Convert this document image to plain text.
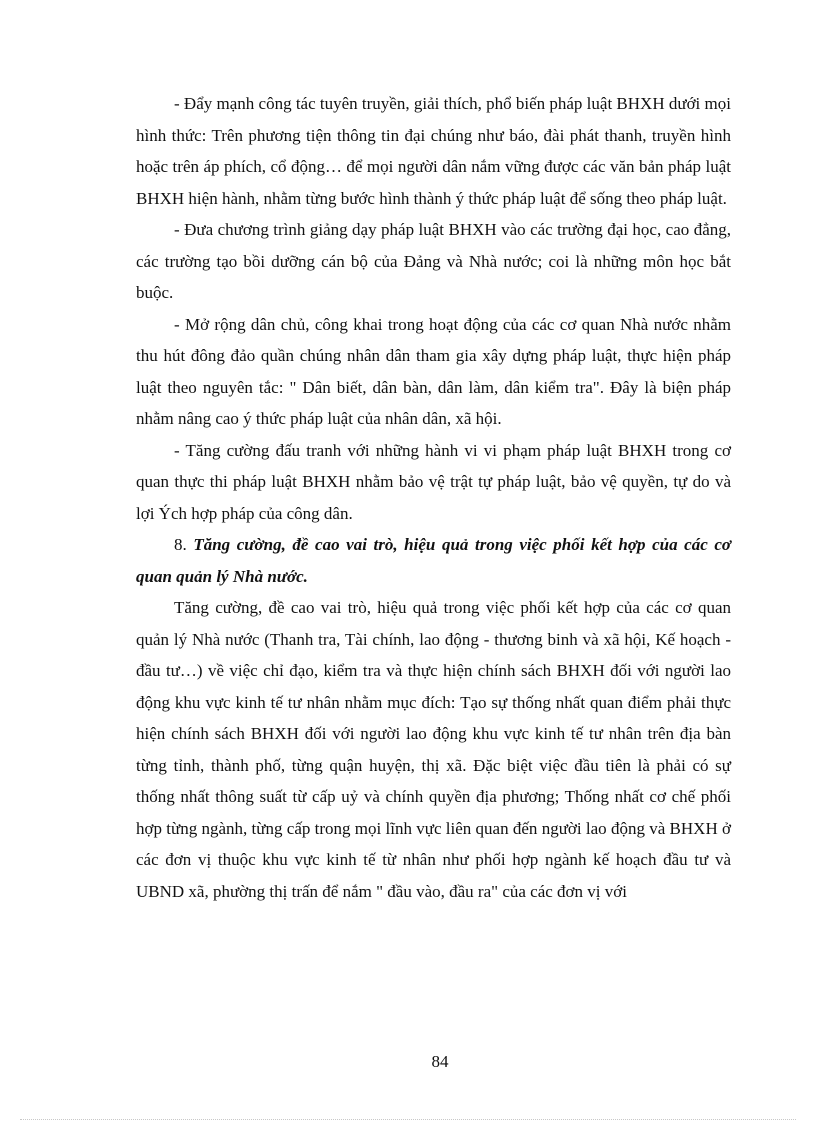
- Đẩy mạnh công tác tuyên truyền, giải thích, phổ biến pháp luật BHXH dưới mọi hình thức: Trên phương tiện thông tin đại chúng như báo, đài phát thanh, truyền hình hoặc trên áp phích, cổ động… để mọi người dân nắm vững được các văn bản pháp luật BHXH hiện hành, nhằm từng bước hình thành ý thức pháp luật để sống theo pháp luật.

- Đưa chương trình giảng dạy pháp luật BHXH vào các trường đại học, cao đẳng, các trường tạo bồi dưỡng cán bộ của Đảng và Nhà nước; coi là những môn học bắt buộc.

- Mở rộng dân chủ, công khai trong hoạt động của các cơ quan Nhà nước nhằm thu hút đông đảo quần chúng nhân dân tham gia xây dựng pháp luật, thực hiện pháp luật theo nguyên tắc: " Dân biết, dân bàn, dân làm, dân kiểm tra". Đây là biện pháp nhằm nâng cao ý thức pháp luật của nhân dân, xã hội.

- Tăng cường đấu tranh với những hành vi vi phạm pháp luật BHXH trong cơ quan thực thi pháp luật BHXH nhằm bảo vệ trật tự pháp luật, bảo vệ quyền, tự do và lợi Ých hợp pháp của công dân.

8. Tăng cường, đề cao vai trò, hiệu quả trong việc phối kết hợp của các cơ quan quản lý Nhà nước.

Tăng cường, đề cao vai trò, hiệu quả trong việc phối kết hợp của các cơ quan quản lý Nhà nước (Thanh tra, Tài chính, lao động - thương binh và xã hội, Kế hoạch - đầu tư…) về việc chỉ đạo, kiểm tra và thực hiện chính sách BHXH đối với người lao động khu vực kinh tế tư nhân nhằm mục đích: Tạo sự thống nhất quan điểm phải thực hiện chính sách BHXH đối với người lao động khu vực kinh tế tư nhân trên địa bàn từng tỉnh, thành phố, từng quận huyện, thị xã. Đặc biệt việc đầu tiên là phải có sự thống nhất thông suất từ cấp uỷ và chính quyền địa phương; Thống nhất cơ chế phối hợp từng ngành, từng cấp trong mọi lĩnh vực liên quan đến người lao động và BHXH ở các đơn vị thuộc khu vực kinh tế từ nhân như phối hợp ngành kế hoạch đầu tư và UBND xã, phường thị trấn để nắm " đầu vào, đầu ra" của các đơn vị với

84
